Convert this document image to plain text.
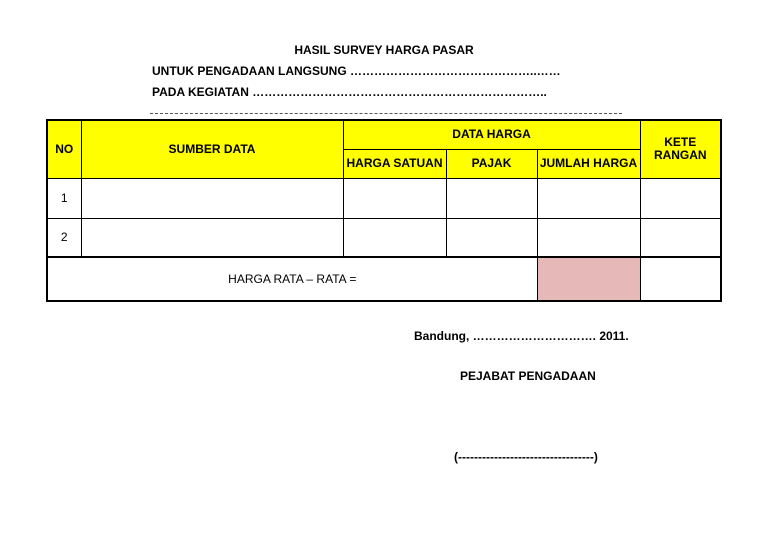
HASIL SURVEY HARGA PASAR
UNTUK PENGADAAN LANGSUNG ………………………………………..……
PADA KEGIATAN ………………………………………………………………..
NO	SUMBER DATA	DATA HARGA			KETE RANGAN
		HARGA SATUAN	PAJAK	JUMLAH HARGA	
1					
2					
HARGA RATA – RATA =					
Bandung, …………………………. 2011.
PEJABAT PENGADAAN
(----------------------------------)
